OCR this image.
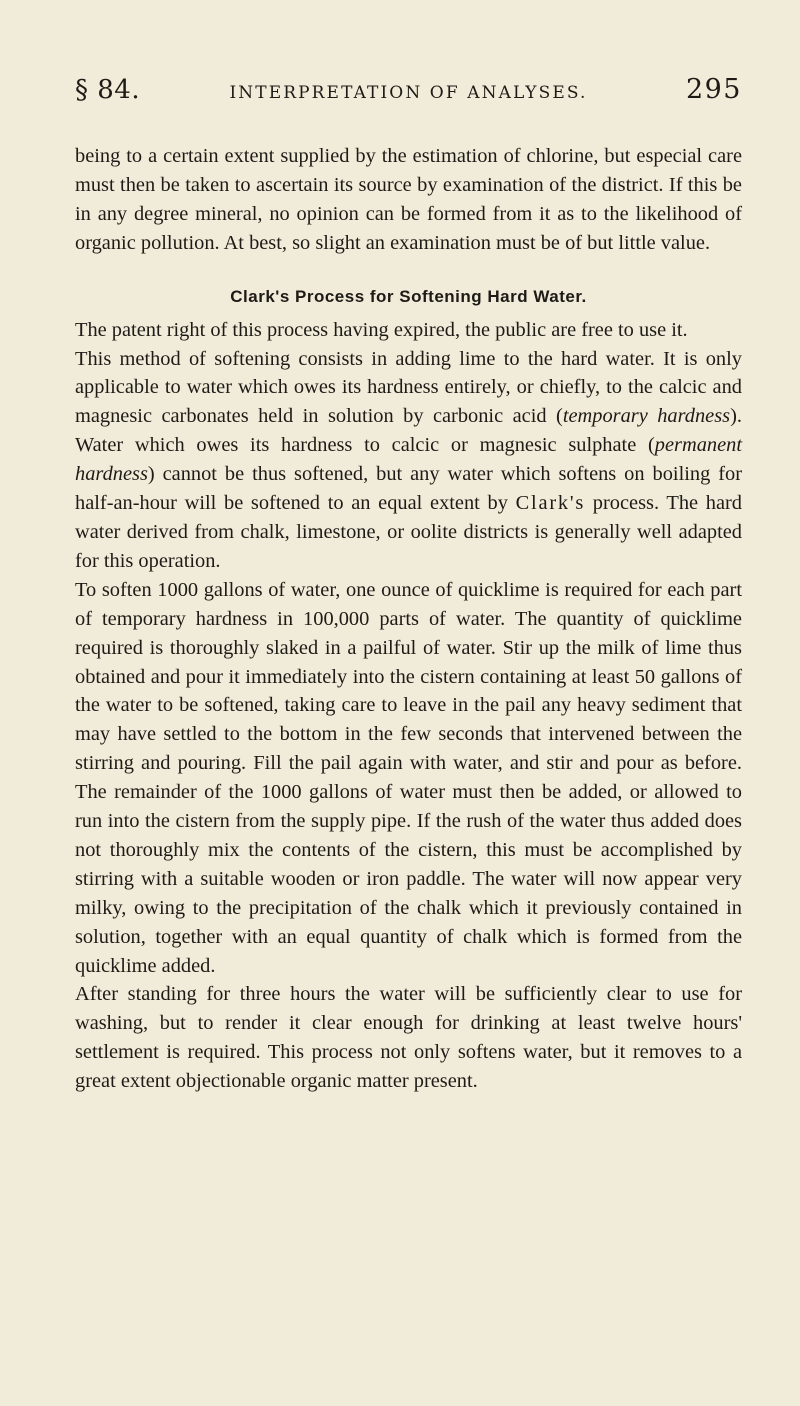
§ 84.	INTERPRETATION OF ANALYSES.	295

being to a certain extent supplied by the estimation of chlorine, but especial care must then be taken to ascertain its source by examination of the district. If this be in any degree mineral, no opinion can be formed from it as to the likelihood of organic pollution. At best, so slight an examination must be of but little value.

Clark's Process for Softening Hard Water.

The patent right of this process having expired, the public are free to use it.

This method of softening consists in adding lime to the hard water. It is only applicable to water which owes its hardness entirely, or chiefly, to the calcic and magnesic carbonates held in solution by carbonic acid (temporary hardness). Water which owes its hardness to calcic or magnesic sulphate (permanent hardness) cannot be thus softened, but any water which softens on boiling for half-an-hour will be softened to an equal extent by Clark's process. The hard water derived from chalk, limestone, or oolite districts is generally well adapted for this operation.

To soften 1000 gallons of water, one ounce of quicklime is required for each part of temporary hardness in 100,000 parts of water. The quantity of quicklime required is thoroughly slaked in a pailful of water. Stir up the milk of lime thus obtained and pour it immediately into the cistern containing at least 50 gallons of the water to be softened, taking care to leave in the pail any heavy sediment that may have settled to the bottom in the few seconds that intervened between the stirring and pouring. Fill the pail again with water, and stir and pour as before. The remainder of the 1000 gallons of water must then be added, or allowed to run into the cistern from the supply pipe. If the rush of the water thus added does not thoroughly mix the contents of the cistern, this must be accomplished by stirring with a suitable wooden or iron paddle. The water will now appear very milky, owing to the precipitation of the chalk which it previously contained in solution, together with an equal quantity of chalk which is formed from the quicklime added.

After standing for three hours the water will be sufficiently clear to use for washing, but to render it clear enough for drinking at least twelve hours' settlement is required. This process not only softens water, but it removes to a great extent objectionable organic matter present.
